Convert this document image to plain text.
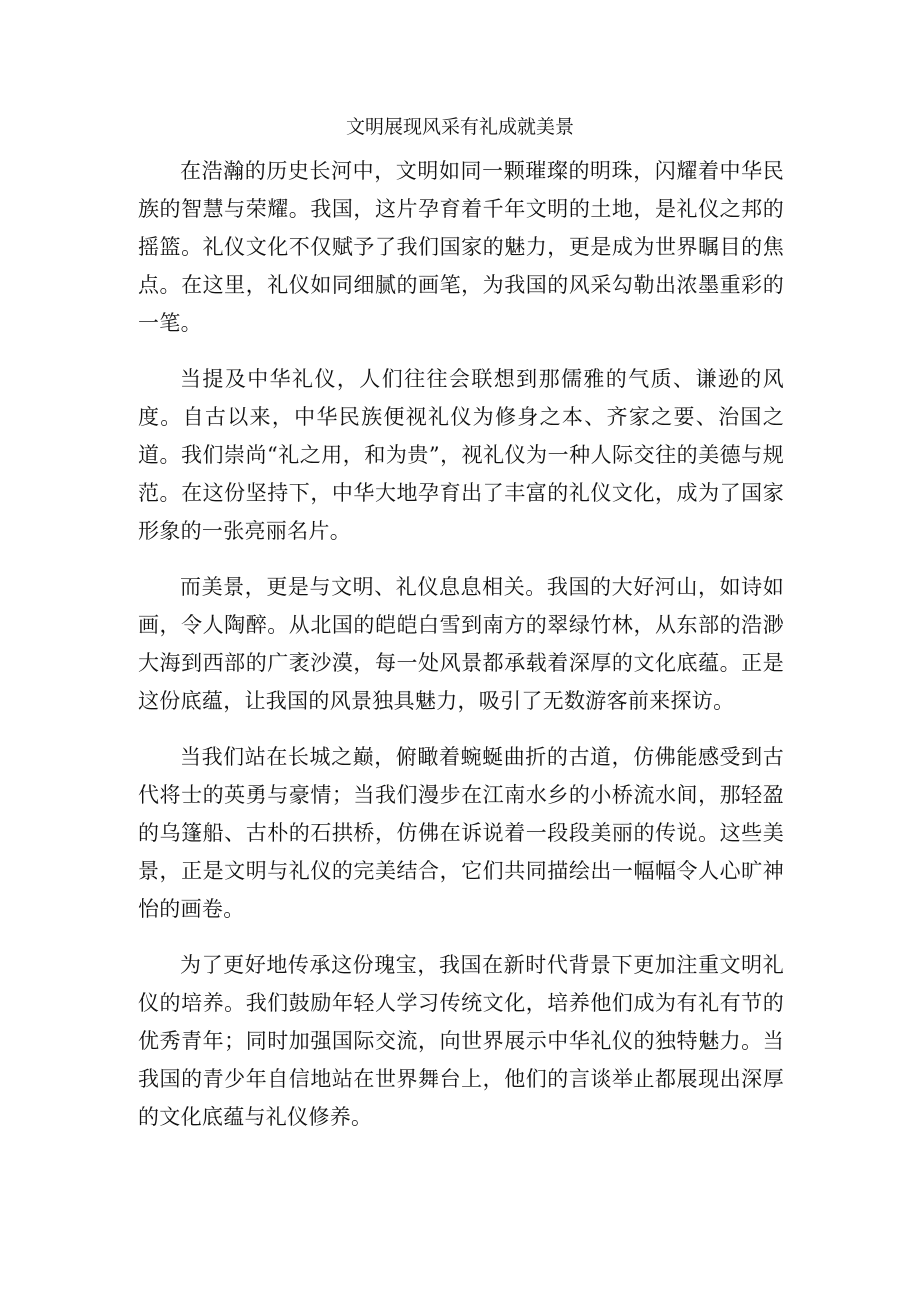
文明展现风采有礼成就美景

在浩瀚的历史长河中，文明如同一颗璀璨的明珠，闪耀着中华民族的智慧与荣耀。我国，这片孕育着千年文明的土地，是礼仪之邦的摇篮。礼仪文化不仅赋予了我们国家的魅力，更是成为世界瞩目的焦点。在这里，礼仪如同细腻的画笔，为我国的风采勾勒出浓墨重彩的一笔。

当提及中华礼仪，人们往往会联想到那儒雅的气质、谦逊的风度。自古以来，中华民族便视礼仪为修身之本、齐家之要、治国之道。我们崇尚“礼之用，和为贵”，视礼仪为一种人际交往的美德与规范。在这份坚持下，中华大地孕育出了丰富的礼仪文化，成为了国家形象的一张亮丽名片。

而美景，更是与文明、礼仪息息相关。我国的大好河山，如诗如画，令人陶醉。从北国的皑皑白雪到南方的翠绿竹林，从东部的浩渺大海到西部的广袤沙漠，每一处风景都承载着深厚的文化底蕴。正是这份底蕴，让我国的风景独具魅力，吸引了无数游客前来探访。

当我们站在长城之巅，俯瞰着蜿蜒曲折的古道，仿佛能感受到古代将士的英勇与豪情；当我们漫步在江南水乡的小桥流水间，那轻盈的乌篷船、古朴的石拱桥，仿佛在诉说着一段段美丽的传说。这些美景，正是文明与礼仪的完美结合，它们共同描绘出一幅幅令人心旷神怡的画卷。

为了更好地传承这份瑰宝，我国在新时代背景下更加注重文明礼仪的培养。我们鼓励年轻人学习传统文化，培养他们成为有礼有节的优秀青年；同时加强国际交流，向世界展示中华礼仪的独特魅力。当我国的青少年自信地站在世界舞台上，他们的言谈举止都展现出深厚的文化底蕴与礼仪修养。
